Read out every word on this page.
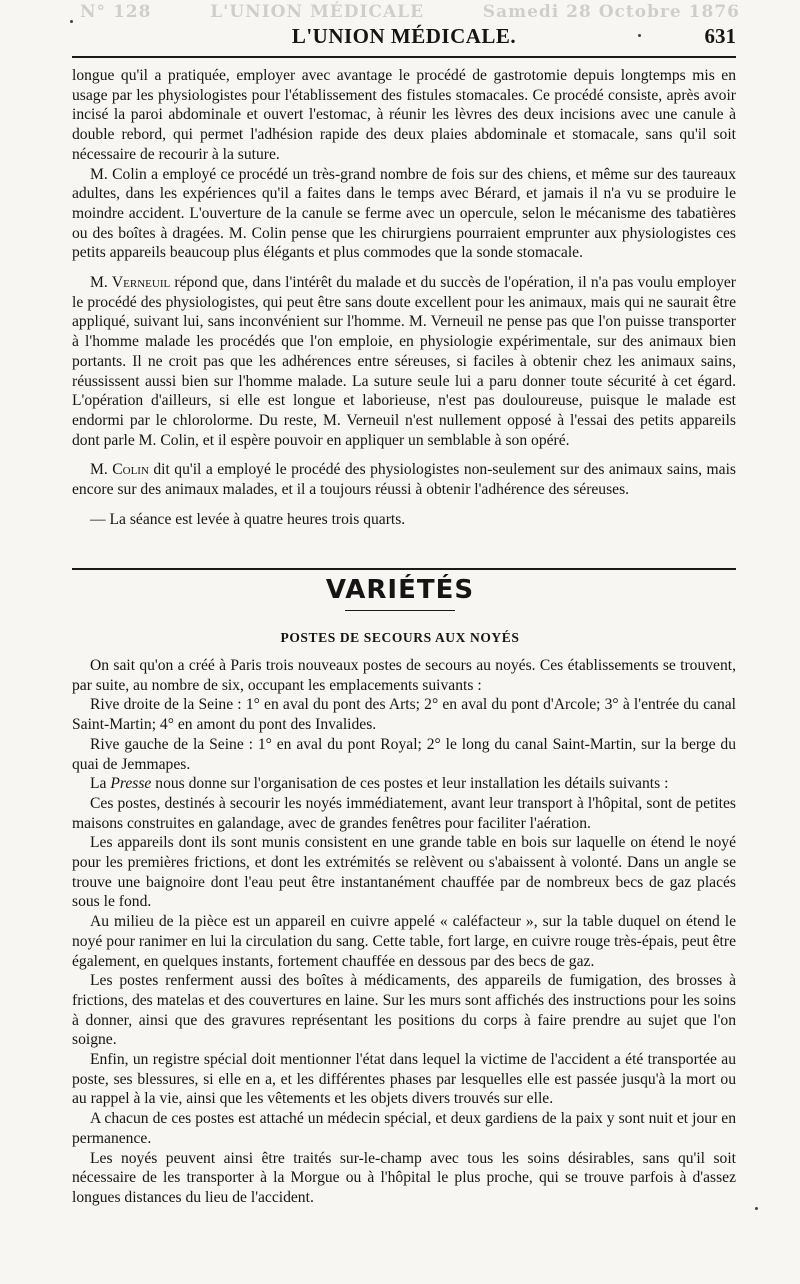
N° 128	L'UNION MÉDICALE	Samedi 28 Octobre 1876
L'UNION MÉDICALE.	631

longue qu'il a pratiquée, employer avec avantage le procédé de gastrotomie depuis longtemps mis en usage par les physiologistes pour l'établissement des fistules stomacales. Ce procédé consiste, après avoir incisé la paroi abdominale et ouvert l'estomac, à réunir les lèvres des deux incisions avec une canule à double rebord, qui permet l'adhésion rapide des deux plaies abdominale et stomacale, sans qu'il soit nécessaire de recourir à la suture.

M. Colin a employé ce procédé un très-grand nombre de fois sur des chiens, et même sur des taureaux adultes, dans les expériences qu'il a faites dans le temps avec Bérard, et jamais il n'a vu se produire le moindre accident. L'ouverture de la canule se ferme avec un opercule, selon le mécanisme des tabatières ou des boîtes à dragées. M. Colin pense que les chirurgiens pourraient emprunter aux physiologistes ces petits appareils beaucoup plus élégants et plus commodes que la sonde stomacale.

M. Verneuil répond que, dans l'intérêt du malade et du succès de l'opération, il n'a pas voulu employer le procédé des physiologistes, qui peut être sans doute excellent pour les animaux, mais qui ne saurait être appliqué, suivant lui, sans inconvénient sur l'homme. M. Verneuil ne pense pas que l'on puisse transporter à l'homme malade les procédés que l'on emploie, en physiologie expérimentale, sur des animaux bien portants. Il ne croit pas que les adhérences entre séreuses, si faciles à obtenir chez les animaux sains, réussissent aussi bien sur l'homme malade. La suture seule lui a paru donner toute sécurité à cet égard. L'opération d'ailleurs, si elle est longue et laborieuse, n'est pas douloureuse, puisque le malade est endormi par le chlorolorme. Du reste, M. Verneuil n'est nullement opposé à l'essai des petits appareils dont parle M. Colin, et il espère pouvoir en appliquer un semblable à son opéré.

M. Colin dit qu'il a employé le procédé des physiologistes non-seulement sur des animaux sains, mais encore sur des animaux malades, et il a toujours réussi à obtenir l'adhérence des séreuses.

— La séance est levée à quatre heures trois quarts.

VARIÉTÉS
POSTES DE SECOURS AUX NOYÉS

On sait qu'on a créé à Paris trois nouveaux postes de secours au noyés. Ces établissements se trouvent, par suite, au nombre de six, occupant les emplacements suivants :

Rive droite de la Seine : 1° en aval du pont des Arts; 2° en aval du pont d'Arcole; 3° à l'entrée du canal Saint-Martin; 4° en amont du pont des Invalides.

Rive gauche de la Seine : 1° en aval du pont Royal; 2° le long du canal Saint-Martin, sur la berge du quai de Jemmapes.

La Presse nous donne sur l'organisation de ces postes et leur installation les détails suivants :

Ces postes, destinés à secourir les noyés immédiatement, avant leur transport à l'hôpital, sont de petites maisons construites en galandage, avec de grandes fenêtres pour faciliter l'aération.

Les appareils dont ils sont munis consistent en une grande table en bois sur laquelle on étend le noyé pour les premières frictions, et dont les extrémités se relèvent ou s'abaissent à volonté. Dans un angle se trouve une baignoire dont l'eau peut être instantanément chauffée par de nombreux becs de gaz placés sous le fond.

Au milieu de la pièce est un appareil en cuivre appelé « caléfacteur », sur la table duquel on étend le noyé pour ranimer en lui la circulation du sang. Cette table, fort large, en cuivre rouge très-épais, peut être également, en quelques instants, fortement chauffée en dessous par des becs de gaz.

Les postes renferment aussi des boîtes à médicaments, des appareils de fumigation, des brosses à frictions, des matelas et des couvertures en laine. Sur les murs sont affichés des instructions pour les soins à donner, ainsi que des gravures représentant les positions du corps à faire prendre au sujet que l'on soigne.

Enfin, un registre spécial doit mentionner l'état dans lequel la victime de l'accident a été transportée au poste, ses blessures, si elle en a, et les différentes phases par lesquelles elle est passée jusqu'à la mort ou au rappel à la vie, ainsi que les vêtements et les objets divers trouvés sur elle.

A chacun de ces postes est attaché un médecin spécial, et deux gardiens de la paix y sont nuit et jour en permanence.

Les noyés peuvent ainsi être traités sur-le-champ avec tous les soins désirables, sans qu'il soit nécessaire de les transporter à la Morgue ou à l'hôpital le plus proche, qui se trouve parfois à d'assez longues distances du lieu de l'accident.
